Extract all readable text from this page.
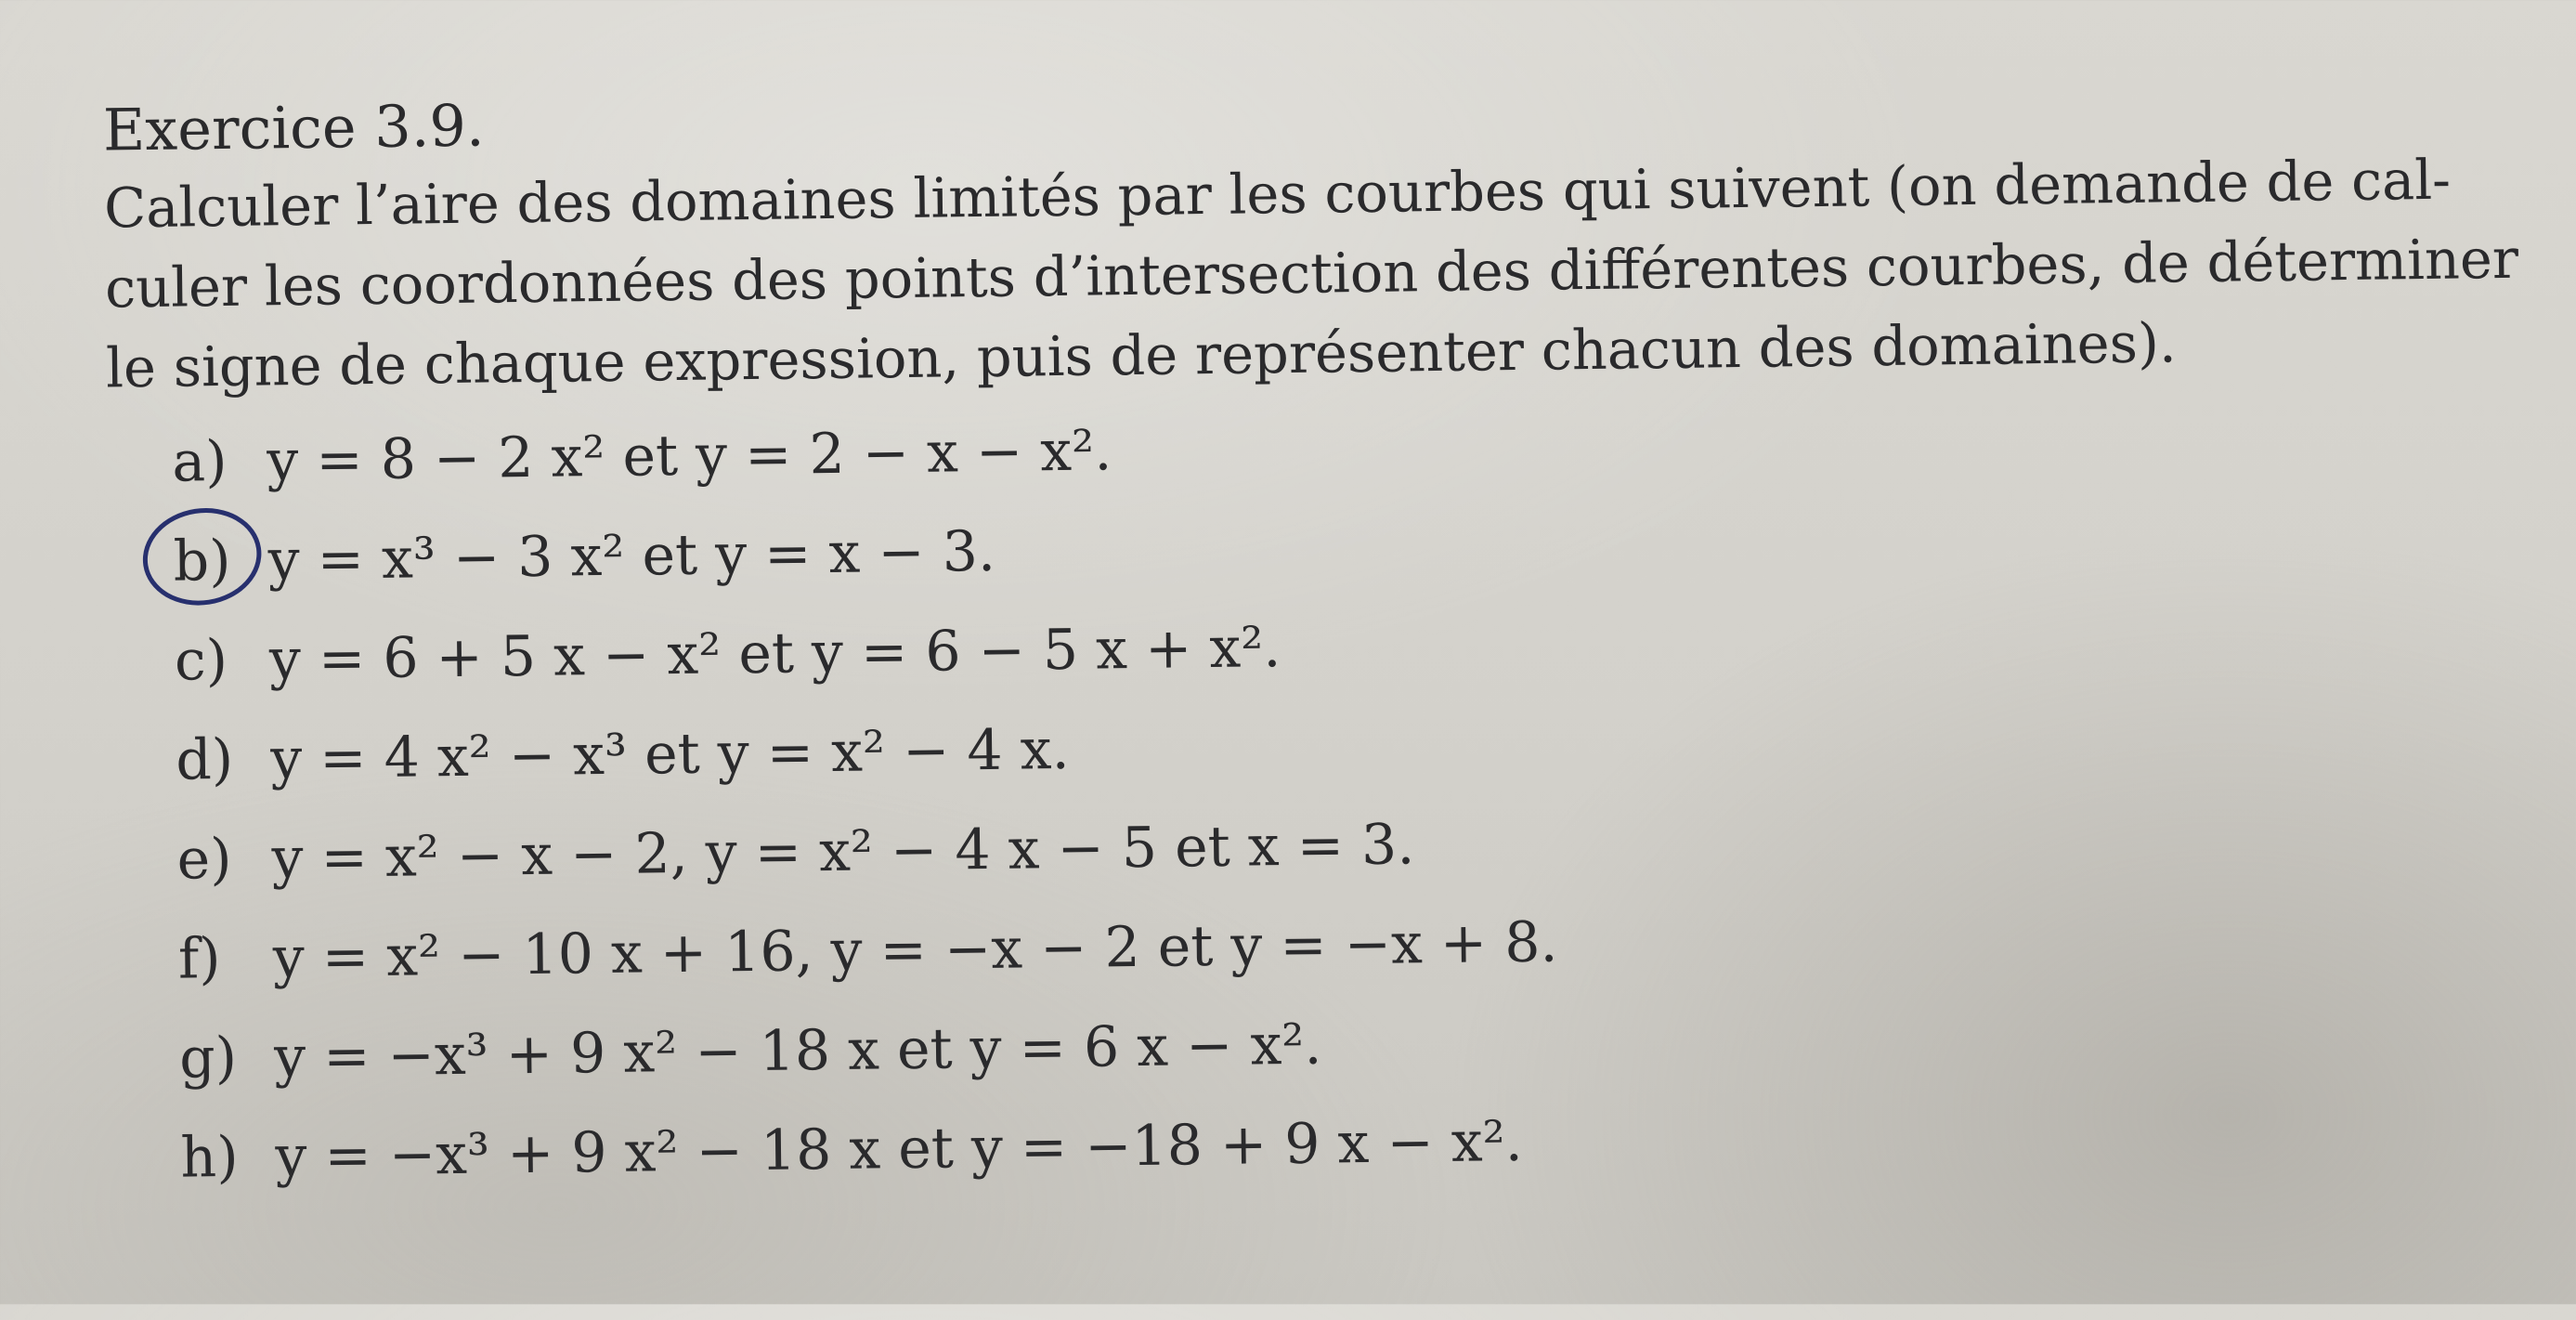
Exercice 3.9.

Calculer l’aire des domaines limités par les courbes qui suivent (on demande de cal-
culer les coordonnées des points d’intersection des différentes courbes, de déterminer
le signe de chaque expression, puis de représenter chacun des domaines).

a) y = 8 − 2 x² et y = 2 − x − x².
b) y = x³ − 3 x² et y = x − 3.
c) y = 6 + 5 x − x² et y = 6 − 5 x + x².
d) y = 4 x² − x³ et y = x² − 4 x.
e) y = x² − x − 2, y = x² − 4 x − 5 et x = 3.
f) y = x² − 10 x + 16, y = −x − 2 et y = −x + 8.
g) y = −x³ + 9 x² − 18 x et y = 6 x − x².
h) y = −x³ + 9 x² − 18 x et y = −18 + 9 x − x².
